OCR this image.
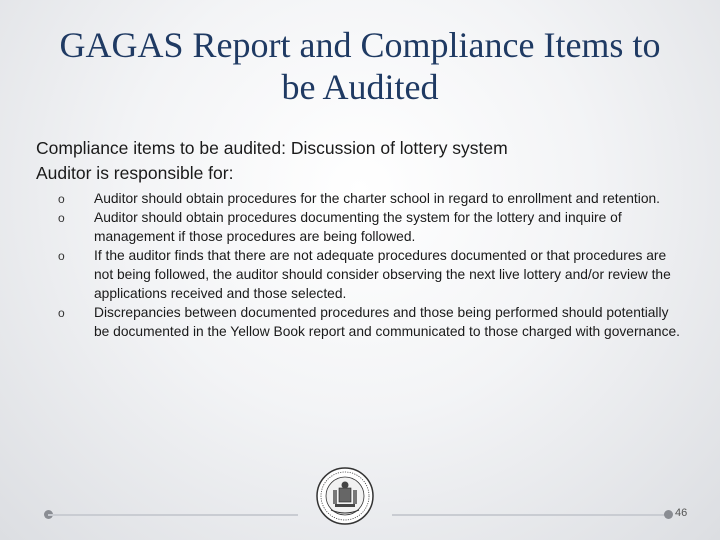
GAGAS Report and Compliance Items to be Audited

Compliance items to be audited: Discussion of lottery system

Auditor is responsible for:

o Auditor should obtain procedures for the charter school in regard to enrollment and retention.
o Auditor should obtain procedures documenting the system for the lottery and inquire of management if those procedures are being followed.
o If the auditor finds that there are not adequate procedures documented or that procedures are not being followed, the auditor should consider observing the next live lottery and/or review the applications received and those selected.
o Discrepancies between documented procedures and those being performed should potentially be documented in the Yellow Book report and communicated to those charged with governance.
46
